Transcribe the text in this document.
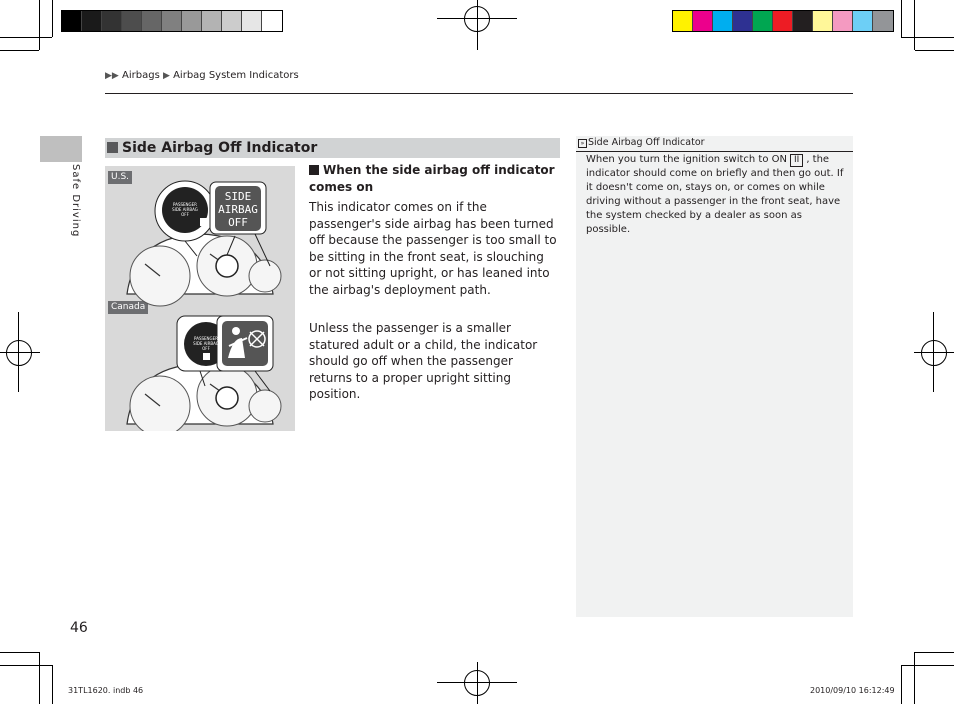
▶▶ Airbags ▶ Airbag System Indicators
Safe Driving
Side Airbag Off Indicator
U.S.
Canada
SIDE
AIRBAG
OFF
PASSENGER
SIDE AIRBAG
OFF
PASSENGER
SIDE AIRBAG
OFF
When the side airbag off indicator comes on
This indicator comes on if the passenger's side airbag has been turned off because the passenger is too small to be sitting in the front seat, is slouching or not sitting upright, or has leaned into the airbag's deployment path.
Unless the passenger is a smaller statured adult or a child, the indicator should go off when the passenger returns to a proper upright sitting position.
» Side Airbag Off Indicator
When you turn the ignition switch to ON II , the indicator should come on briefly and then go out. If it doesn't come on, stays on, or comes on while driving without a passenger in the front seat, have the system checked by a dealer as soon as possible.
46
31TL1620. indb 46	2010/09/10 16:12:49
